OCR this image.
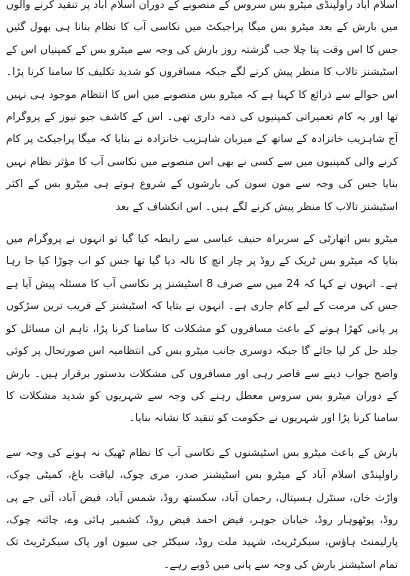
اسلام آباد راولپنڈی میٹرو بس سروس کے منصوبے کے دوران اسلام آباد پر تنقید کرنے والوں میں بارش کے بعد میٹرو بس میگا پراجیکٹ میں نکاسی آب کا نظام بنانا ہی بھول گئیں جس کا اس وقت پتا چلا جب گزشتہ روز بارش کی وجہ سے میٹرو بس کے کمپنیاں اس کے اسٹیشنز تالاب کا منظر پیش کرنے لگے جبکہ مسافروں کو شدید تکلیف کا سامنا کرنا پڑا۔ اس حوالے سے ذرائع کا کہنا ہے کہ میٹرو بس منصوبے میں اس کا انتظام موجود ہی نہیں تھا اور یہ کام تعمیراتی کمپنیوں کی ذمہ داری تھی۔ اس کے کاشف جیو نیوز کے پروگرام آج شاہزیب خانزادہ کے ساتھ کے میزبان شاہزیب خانزادہ نے بتایا کہ میگا پراجیکٹ پر کام کرنے والی کمپنیوں میں سے کسی نے بھی اس منصوبے میں نکاسی آب کا مؤثر نظام نہیں بنایا جس کی وجہ سے مون سون کی بارشوں کے شروع ہوتے ہی میٹرو بس کے اکثر اسٹیشنز تالاب کا منظر پیش کرنے لگے ہیں۔ اس انکشاف کے بعد

میٹرو بس اتھارٹی کے سربراہ حنیف عباسی سے رابطہ کیا گیا تو انہوں نے پروگرام میں بتایا کہ میٹرو بس ٹریک کے روڈ پر چار انچ کا نالہ دیا گیا تھا جس کو اب چوڑا کیا جا رہا ہے۔ انہوں نے کہا کہ 24 میں سے صرف 8 اسٹیشنز پر نکاسی آب کا مسئلہ پیش آیا ہے جس کی مرمت کے لیے کام جاری ہے۔ انہوں نے بتایا کہ اسٹیشنز کے قریب ترین سڑکوں پر پانی کھڑا ہونے کے باعث مسافروں کو مشکلات کا سامنا کرنا پڑا، تاہم ان مسائل کو جلد حل کر لیا جائے گا جبکہ دوسری جانب میٹرو بس کی انتظامیہ اس صورتحال پر کوئی واضح جواب دینے سے قاصر رہی اور مسافروں کی مشکلات بدستور برقرار ہیں۔ بارش کے دوران میٹرو بس سروس معطل رہنے کی وجہ سے شہریوں کو شدید مشکلات کا سامنا کرنا پڑا اور شہریوں نے حکومت کو تنقید کا نشانہ بنایا۔

بارش کے باعث میٹرو بس اسٹیشنوں کے نکاسی آب کا نظام ٹھیک نہ ہونے کی وجہ سے راولپنڈی اسلام آباد کے میٹرو بس اسٹیشنز صدر، مری چوک، لیاقت باغ، کمیٹی چوک، واڑث خان، سنٹرل ہسپتال، رحمان آباد، سکستھ روڈ، شمس آباد، فیض آباد، آئی جے پی روڈ، پوٹھوہار روڈ، خیابان جوہر، فیض احمد فیض روڈ، کشمیر ہائی وے، چائنہ چوک، پارلیمنٹ ہاؤس، سیکرٹریٹ، شہید ملت روڈ، سیکٹر جی سیون اور پاک سیکرٹریٹ تک تمام اسٹیشنز بارش کی وجہ سے پانی میں ڈوبے رہے۔
